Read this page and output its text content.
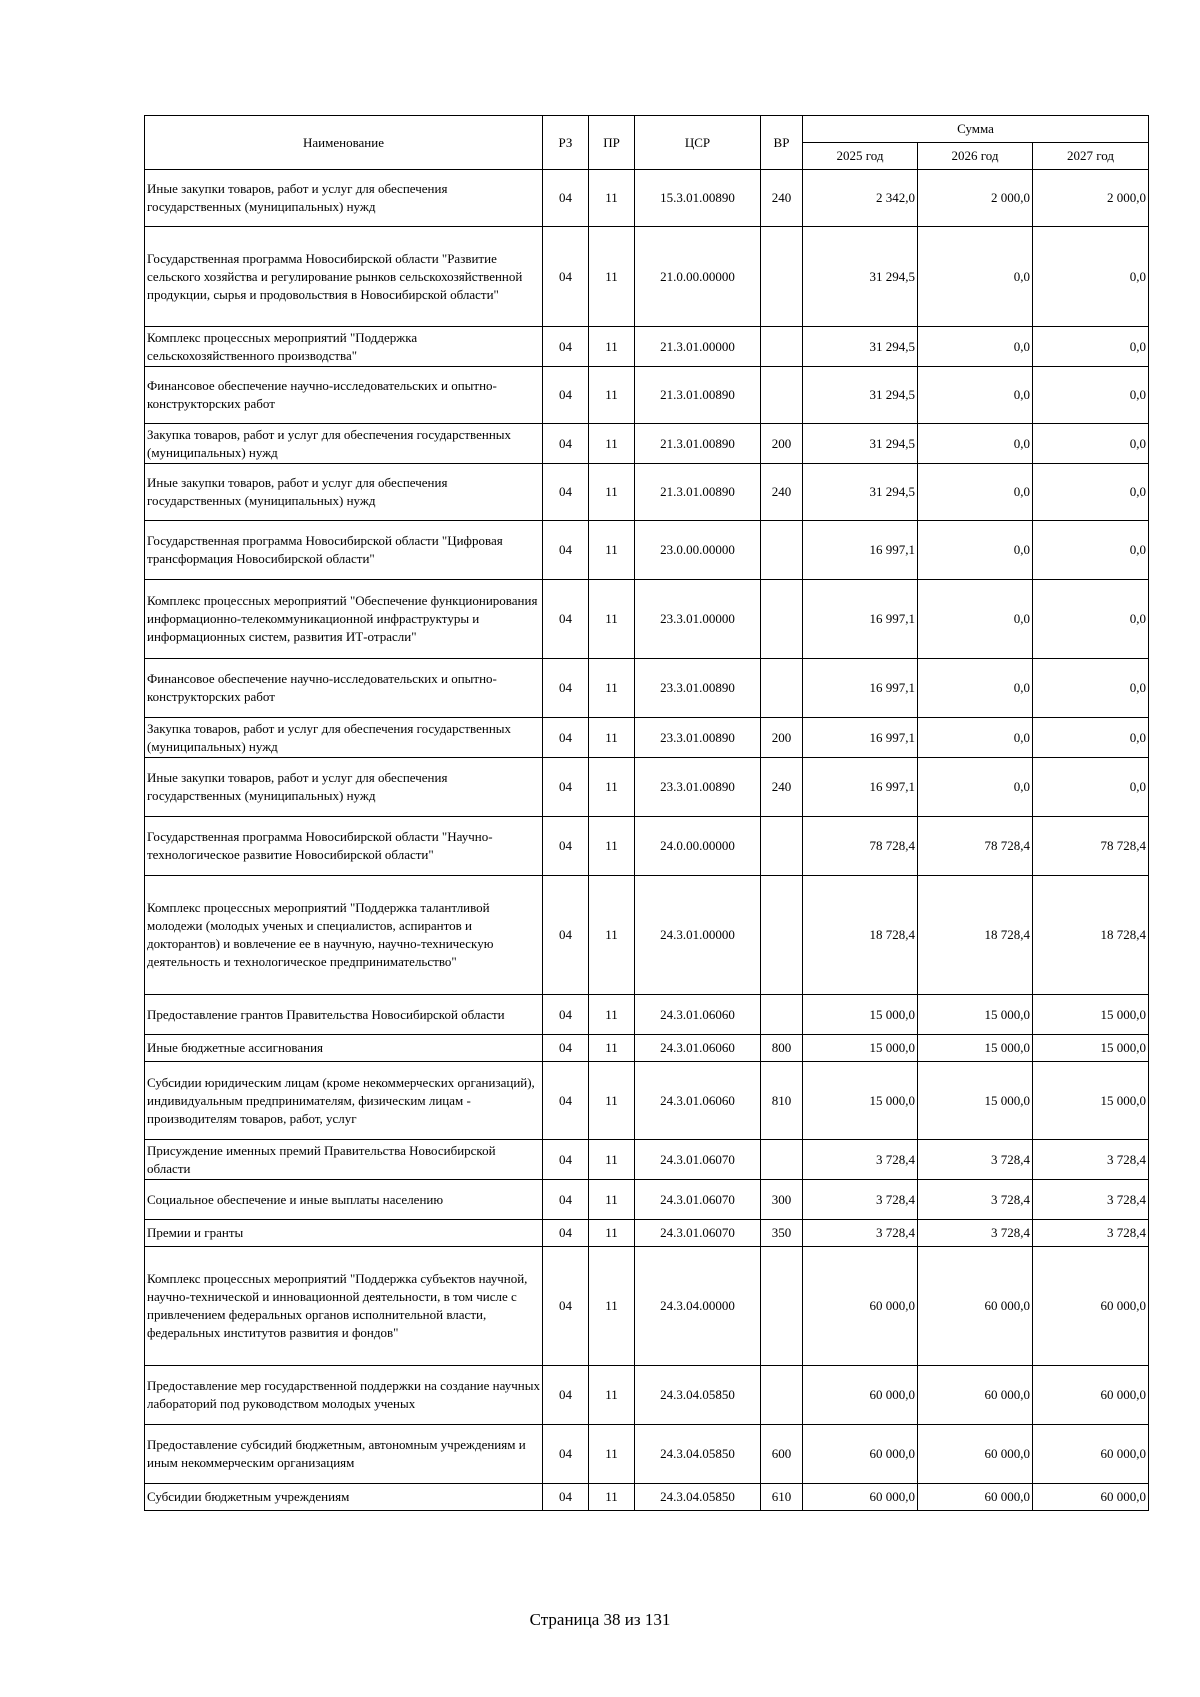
Наименование	РЗ	ПР	ЦСР	ВР	Сумма		
					2025 год	2026 год	2027 год
Иные закупки товаров, работ и услуг для обеспечения государственных (муниципальных) нужд	04	11	15.3.01.00890	240	2 342,0	2 000,0	2 000,0
Государственная программа Новосибирской области "Развитие сельского хозяйства и регулирование рынков сельскохозяйственной продукции, сырья и продовольствия в Новосибирской области"	04	11	21.0.00.00000		31 294,5	0,0	0,0
Комплекс процессных мероприятий "Поддержка сельскохозяйственного производства"	04	11	21.3.01.00000		31 294,5	0,0	0,0
Финансовое обеспечение научно-исследовательских и опытно-конструкторских работ	04	11	21.3.01.00890		31 294,5	0,0	0,0
Закупка товаров, работ и услуг для обеспечения государственных (муниципальных) нужд	04	11	21.3.01.00890	200	31 294,5	0,0	0,0
Иные закупки товаров, работ и услуг для обеспечения государственных (муниципальных) нужд	04	11	21.3.01.00890	240	31 294,5	0,0	0,0
Государственная программа Новосибирской области "Цифровая трансформация Новосибирской области"	04	11	23.0.00.00000		16 997,1	0,0	0,0
Комплекс процессных мероприятий "Обеспечение функционирования информационно-телекоммуникационной инфраструктуры и информационных систем, развития ИТ-отрасли"	04	11	23.3.01.00000		16 997,1	0,0	0,0
Финансовое обеспечение научно-исследовательских и опытно-конструкторских работ	04	11	23.3.01.00890		16 997,1	0,0	0,0
Закупка товаров, работ и услуг для обеспечения государственных (муниципальных) нужд	04	11	23.3.01.00890	200	16 997,1	0,0	0,0
Иные закупки товаров, работ и услуг для обеспечения государственных (муниципальных) нужд	04	11	23.3.01.00890	240	16 997,1	0,0	0,0
Государственная программа Новосибирской области "Научно-технологическое развитие Новосибирской области"	04	11	24.0.00.00000		78 728,4	78 728,4	78 728,4
Комплекс процессных мероприятий "Поддержка талантливой молодежи (молодых ученых и специалистов, аспирантов и докторантов) и вовлечение ее в научную, научно-техническую деятельность и технологическое предпринимательство"	04	11	24.3.01.00000		18 728,4	18 728,4	18 728,4
Предоставление грантов Правительства Новосибирской области	04	11	24.3.01.06060		15 000,0	15 000,0	15 000,0
Иные бюджетные ассигнования	04	11	24.3.01.06060	800	15 000,0	15 000,0	15 000,0
Субсидии юридическим лицам (кроме некоммерческих организаций), индивидуальным предпринимателям, физическим лицам - производителям товаров, работ, услуг	04	11	24.3.01.06060	810	15 000,0	15 000,0	15 000,0
Присуждение именных премий Правительства Новосибирской области	04	11	24.3.01.06070		3 728,4	3 728,4	3 728,4
Социальное обеспечение и иные выплаты населению	04	11	24.3.01.06070	300	3 728,4	3 728,4	3 728,4
Премии и гранты	04	11	24.3.01.06070	350	3 728,4	3 728,4	3 728,4
Комплекс процессных мероприятий "Поддержка субъектов научной, научно-технической и инновационной деятельности, в том числе с привлечением федеральных органов исполнительной власти, федеральных институтов развития и фондов"	04	11	24.3.04.00000		60 000,0	60 000,0	60 000,0
Предоставление мер государственной поддержки на создание научных лабораторий под руководством молодых ученых	04	11	24.3.04.05850		60 000,0	60 000,0	60 000,0
Предоставление субсидий бюджетным, автономным учреждениям и иным некоммерческим организациям	04	11	24.3.04.05850	600	60 000,0	60 000,0	60 000,0
Субсидии бюджетным учреждениям	04	11	24.3.04.05850	610	60 000,0	60 000,0	60 000,0
Страница 38 из 131
